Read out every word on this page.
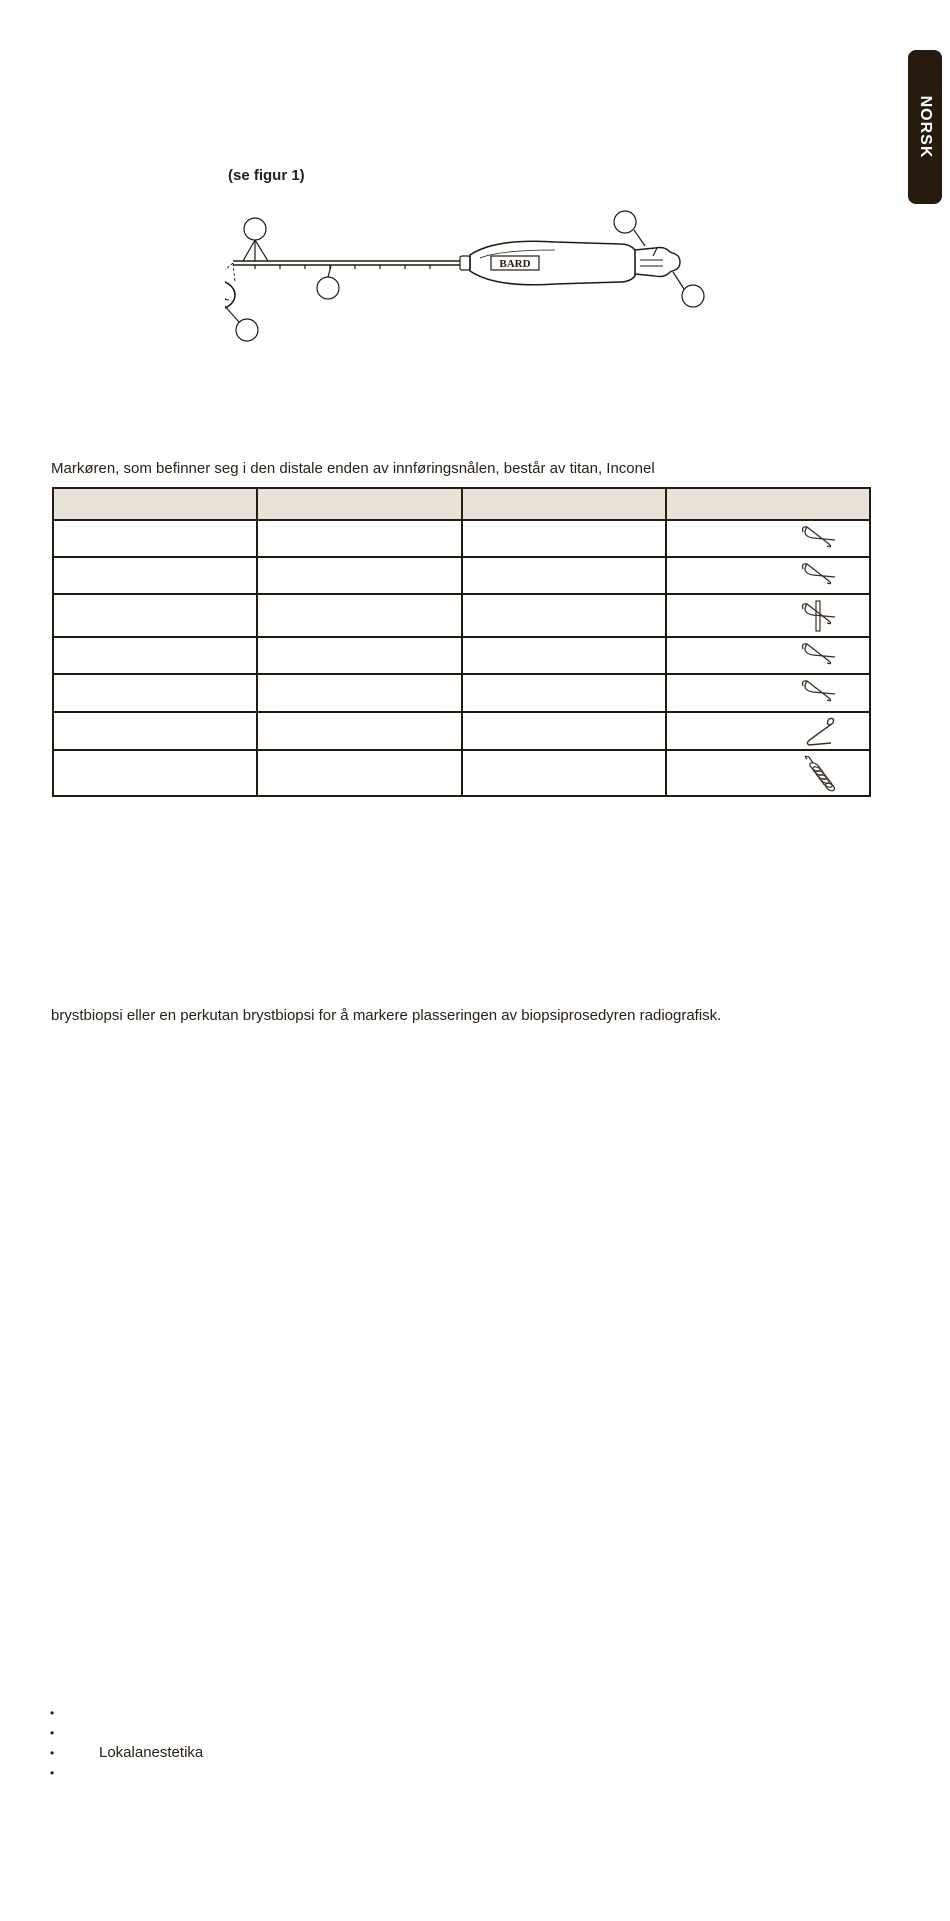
NORSK
(se figur 1)
BARD
Markøren, som befinner seg i den distale enden av innføringsnålen, består av titan, Inconel

brystbiopsi eller en perkutan brystbiopsi for å markere plasseringen av biopsiprosedyren radiografisk.
•
•
• Lokalanestetika
•
